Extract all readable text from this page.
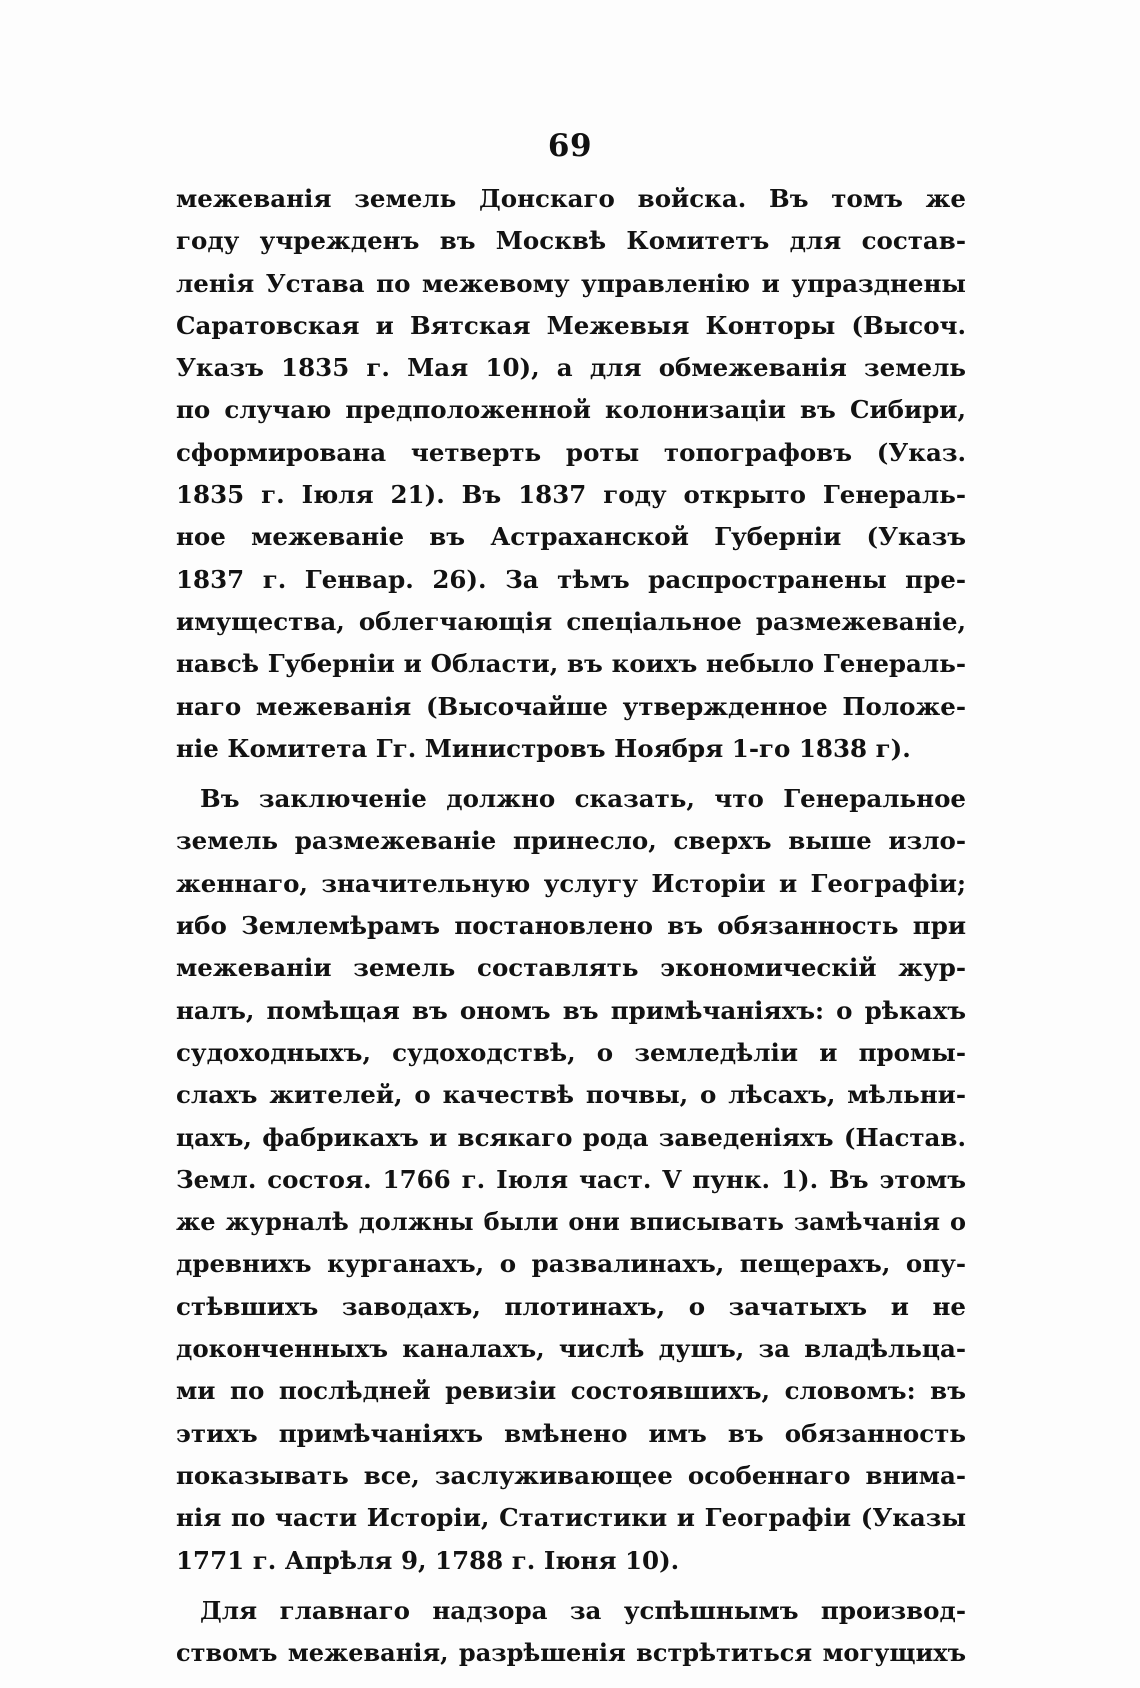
69
межеванія земель Донскаго войска. Въ томъ же
году учрежденъ въ Москвѣ Комитетъ для состав-
ленія Устава по межевому управленію и упразднены
Саратовская и Вятская Межевыя Конторы (Высоч.
Указъ 1835 г. Мая 10), а для обмежеванія земель
по случаю предположенной колонизаціи въ Сибири,
сформирована четверть роты топографовъ (Указ.
1835 г. Іюля 21). Въ 1837 году открыто Генераль-
ное межеваніе въ Астраханской Губерніи (Указъ
1837 г. Генвар. 26). За тѣмъ распространены пре-
имущества, облегчающія спеціальное размежеваніе,
навсѣ Губерніи и Области, въ коихъ небыло Генераль-
наго межеванія (Высочайше утвержденное Положе-
ніе Комитета Гг. Министровъ Ноября 1-го 1838 г).
Въ заключеніе должно сказать, что Генеральное
земель размежеваніе принесло, сверхъ выше изло-
женнаго, значительную услугу Исторіи и Географіи;
ибо Землемѣрамъ постановлено въ обязанность при
межеваніи земель составлять экономическій жур-
налъ, помѣщая въ ономъ въ примѣчаніяхъ: о рѣкахъ
судоходныхъ, судоходствѣ, о земледѣліи и промы-
слахъ жителей, о качествѣ почвы, о лѣсахъ, мѣльни-
цахъ, фабрикахъ и всякаго рода заведеніяхъ (Настав.
Земл. состоя. 1766 г. Іюля част. V пунк. 1). Въ этомъ
же журналѣ должны были они вписывать замѣчанія о
древнихъ курганахъ, о развалинахъ, пещерахъ, опу-
стѣвшихъ заводахъ, плотинахъ, о зачатыхъ и не
доконченныхъ каналахъ, числѣ душъ, за владѣльца-
ми по послѣдней ревизіи состоявшихъ, словомъ: въ
этихъ примѣчаніяхъ вмѣнено имъ въ обязанность
показывать все, заслуживающее особеннаго внима-
нія по части Исторіи, Статистики и Географіи (Указы
1771 г. Апрѣля 9, 1788 г. Іюня 10).
Для главнаго надзора за успѣшнымъ производ-
ствомъ межеванія, разрѣшенія встрѣтиться могущихъ
